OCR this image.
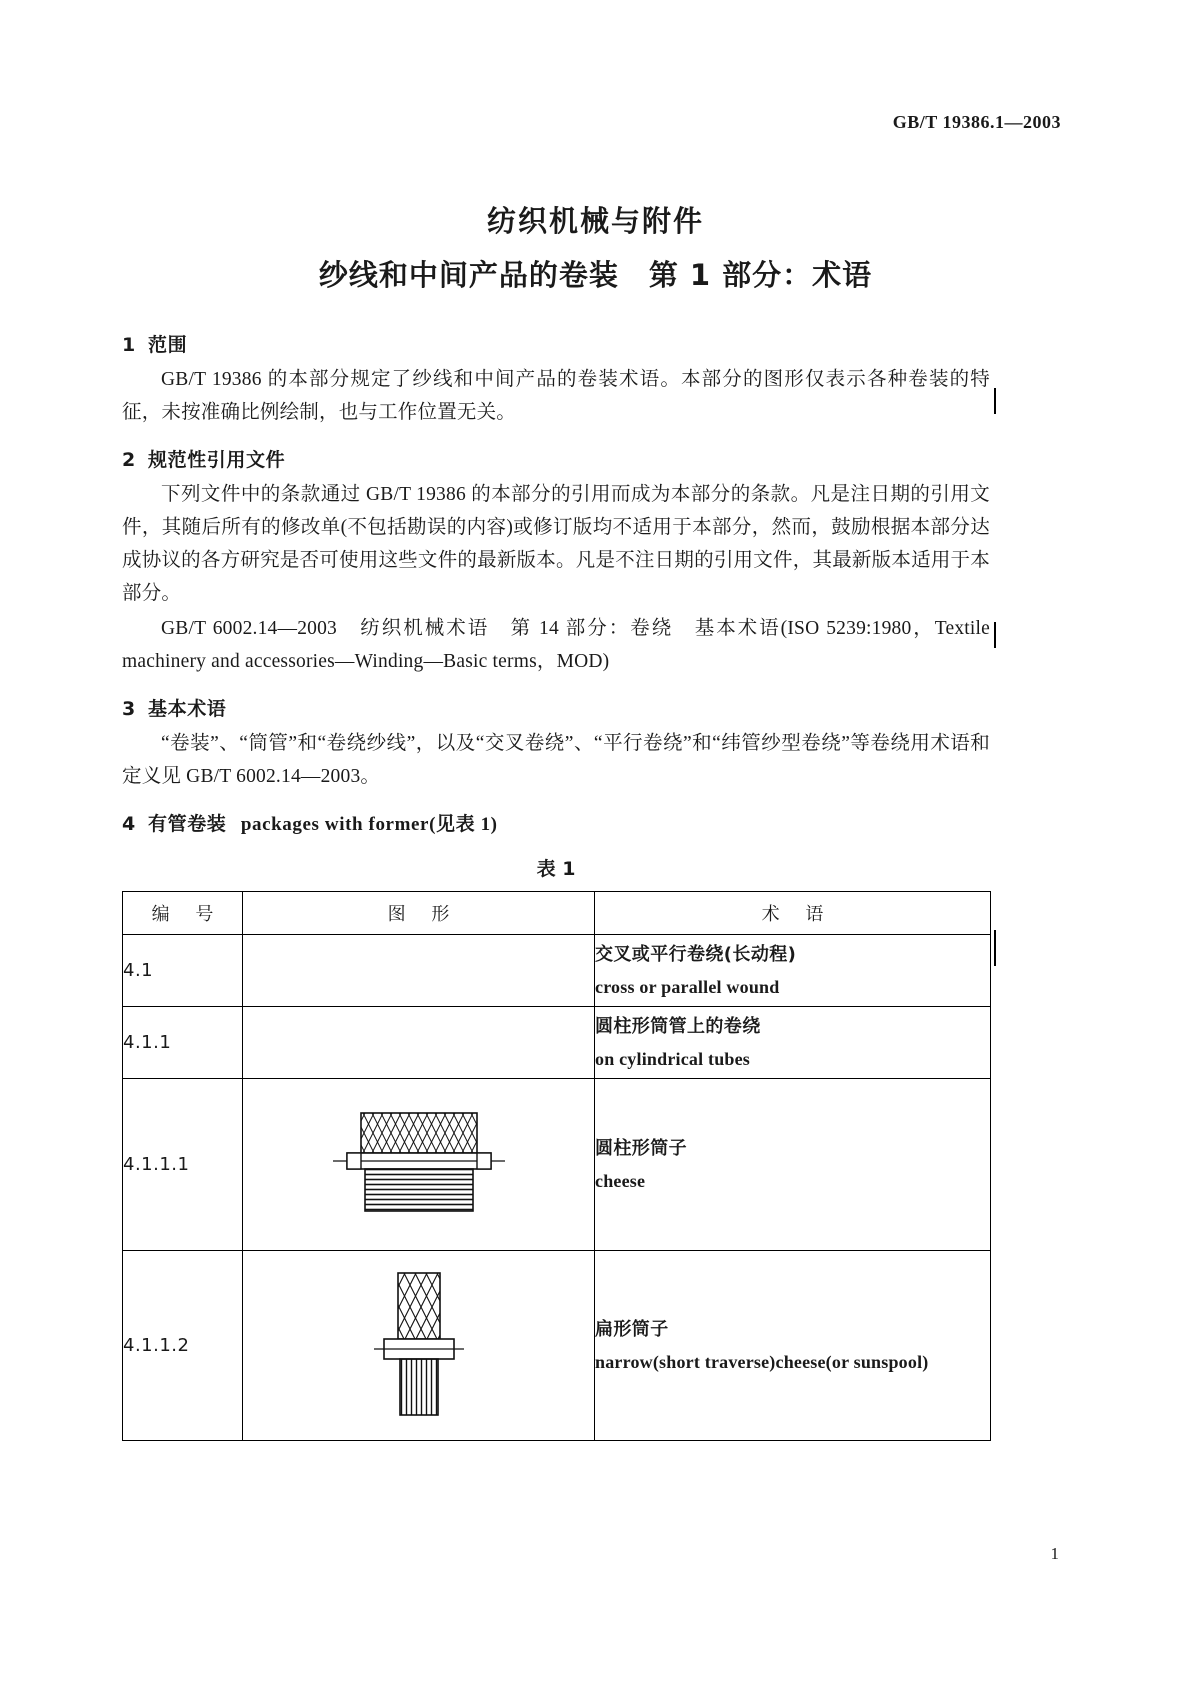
GB/T 19386.1—2003
纺织机械与附件
纱线和中间产品的卷装　第 1 部分：术语
1 范围

GB/T 19386 的本部分规定了纱线和中间产品的卷装术语。本部分的图形仅表示各种卷装的特征，未按准确比例绘制，也与工作位置无关。

2 规范性引用文件

下列文件中的条款通过 GB/T 19386 的本部分的引用而成为本部分的条款。凡是注日期的引用文件，其随后所有的修改单(不包括勘误的内容)或修订版均不适用于本部分，然而，鼓励根据本部分达成协议的各方研究是否可使用这些文件的最新版本。凡是不注日期的引用文件，其最新版本适用于本部分。

GB/T 6002.14—2003　纺织机械术语　第 14 部分：卷绕　基本术语(ISO 5239:1980，Textile machinery and accessories—Winding—Basic terms，MOD)

3 基本术语

“卷装”、“筒管”和“卷绕纱线”，以及“交叉卷绕”、“平行卷绕”和“纬管纱型卷绕”等卷绕用术语和定义见 GB/T 6002.14—2003。

4 有管卷装 packages with former(见表 1)
表 1
编 号	图 形	术 语
4.1		交叉或平行卷绕(长动程)
cross or parallel wound

4.1.1		圆柱形筒管上的卷绕
on cylindrical tubes

4.1.1.1		圆柱形筒子
cheese

4.1.1.2		扁形筒子
narrow(short traverse)cheese(or sunspool)
1
